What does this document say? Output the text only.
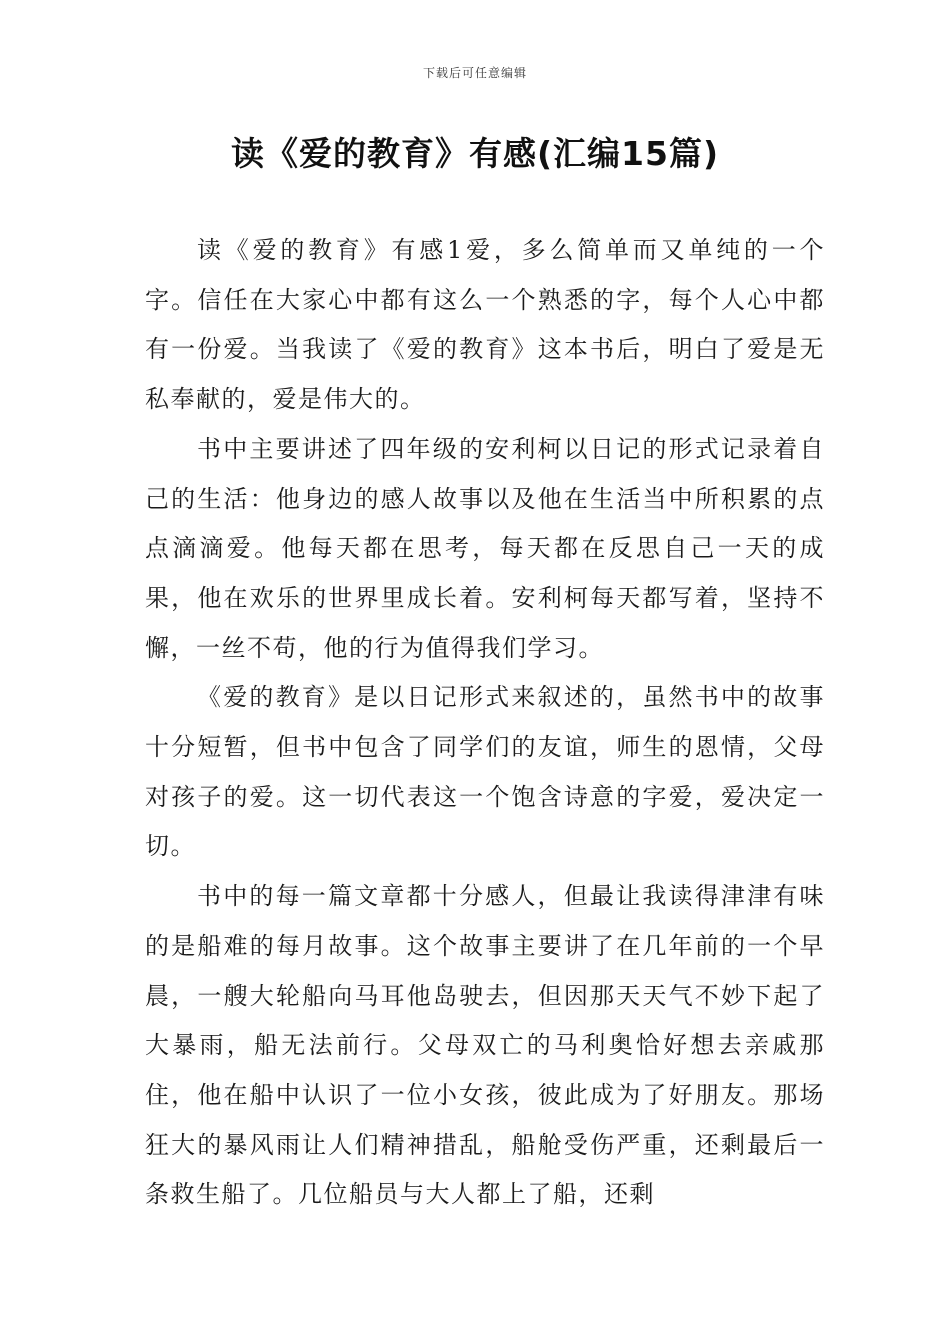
下载后可任意编辑
读《爱的教育》有感(汇编15篇)

读《爱的教育》有感1爱，多么简单而又单纯的一个字。信任在大家心中都有这么一个熟悉的字，每个人心中都有一份爱。当我读了《爱的教育》这本书后，明白了爱是无私奉献的，爱是伟大的。

书中主要讲述了四年级的安利柯以日记的形式记录着自己的生活：他身边的感人故事以及他在生活当中所积累的点点滴滴爱。他每天都在思考，每天都在反思自己一天的成果，他在欢乐的世界里成长着。安利柯每天都写着，坚持不懈，一丝不苟，他的行为值得我们学习。

《爱的教育》是以日记形式来叙述的，虽然书中的故事十分短暂，但书中包含了同学们的友谊，师生的恩情，父母对孩子的爱。这一切代表这一个饱含诗意的字爱，爱决定一切。

书中的每一篇文章都十分感人，但最让我读得津津有味的是船难的每月故事。这个故事主要讲了在几年前的一个早晨，一艘大轮船向马耳他岛驶去，但因那天天气不妙下起了大暴雨，船无法前行。父母双亡的马利奥恰好想去亲戚那住，他在船中认识了一位小女孩，彼此成为了好朋友。那场狂大的暴风雨让人们精神措乱，船舱受伤严重，还剩最后一条救生船了。几位船员与大人都上了船，还剩
